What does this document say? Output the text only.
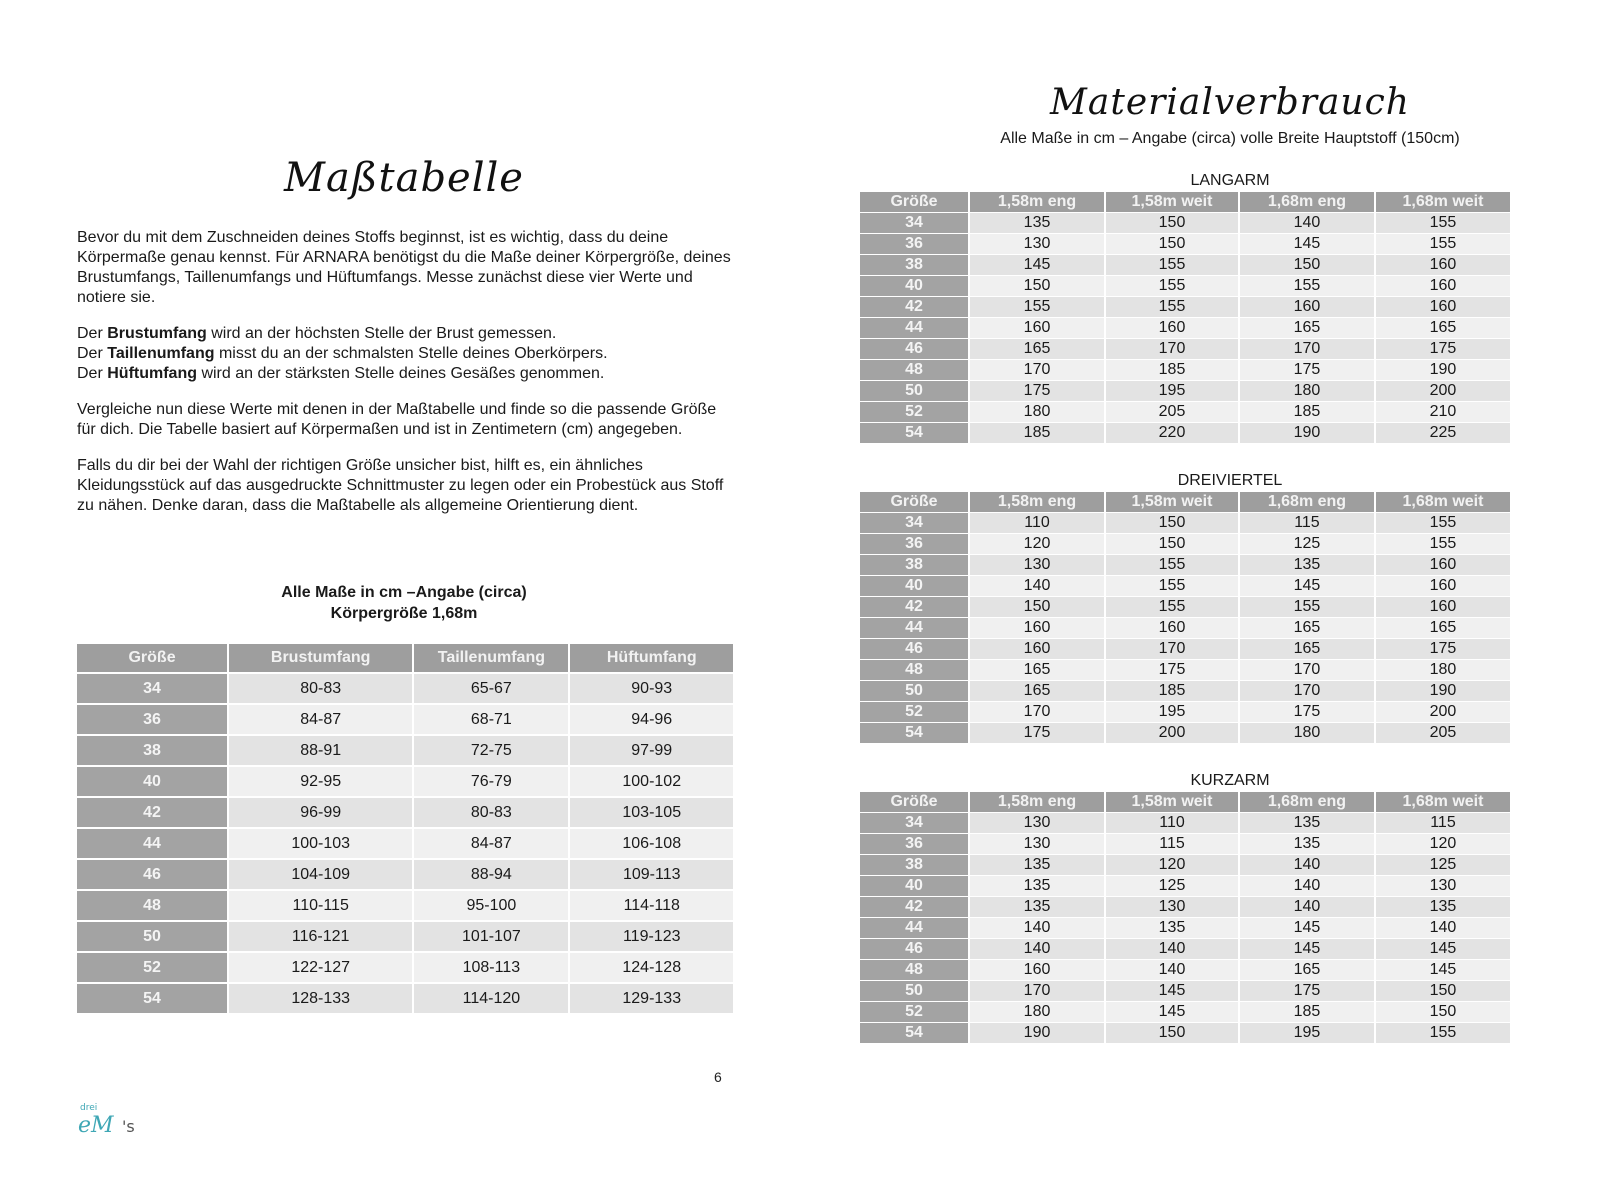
Maßtabelle

Bevor du mit dem Zuschneiden deines Stoffs beginnst, ist es wichtig, dass du deine Körpermaße genau kennst. Für ARNARA benötigst du die Maße deiner Körpergröße, deines Brustumfangs, Taillenumfangs und Hüftumfangs. Messe zunächst diese vier Werte und notiere sie.

Der Brustumfang wird an der höchsten Stelle der Brust gemessen.
Der Taillenumfang misst du an der schmalsten Stelle deines Oberkörpers.
Der Hüftumfang wird an der stärksten Stelle deines Gesäßes genommen.

Vergleiche nun diese Werte mit denen in der Maßtabelle und finde so die passende Größe für dich. Die Tabelle basiert auf Körpermaßen und ist in Zentimetern (cm) angegeben.

Falls du dir bei der Wahl der richtigen Größe unsicher bist, hilft es, ein ähnliches Kleidungsstück auf das ausgedruckte Schnittmuster zu legen oder ein Probestück aus Stoff zu nähen. Denke daran, dass die Maßtabelle als allgemeine Orientierung dient.

Alle Maße in cm –Angabe (circa)
Körpergröße 1,68m
Größe	Brustumfang	Taillenumfang	Hüftumfang
34	80-83	65-67	90-93
36	84-87	68-71	94-96
38	88-91	72-75	97-99
40	92-95	76-79	100-102
42	96-99	80-83	103-105
44	100-103	84-87	106-108
46	104-109	88-94	109-113
48	110-115	95-100	114-118
50	116-121	101-107	119-123
52	122-127	108-113	124-128
54	128-133	114-120	129-133
6
drei
eM 's
Materialverbrauch
Alle Maße in cm – Angabe (circa) volle Breite Hauptstoff (150cm)
LANGARM
Größe	1,58m eng	1,58m weit	1,68m eng	1,68m weit
34	135	150	140	155
36	130	150	145	155
38	145	155	150	160
40	150	155	155	160
42	155	155	160	160
44	160	160	165	165
46	165	170	170	175
48	170	185	175	190
50	175	195	180	200
52	180	205	185	210
54	185	220	190	225
DREIVIERTEL
Größe	1,58m eng	1,58m weit	1,68m eng	1,68m weit
34	110	150	115	155
36	120	150	125	155
38	130	155	135	160
40	140	155	145	160
42	150	155	155	160
44	160	160	165	165
46	160	170	165	175
48	165	175	170	180
50	165	185	170	190
52	170	195	175	200
54	175	200	180	205
KURZARM
Größe	1,58m eng	1,58m weit	1,68m eng	1,68m weit
34	130	110	135	115
36	130	115	135	120
38	135	120	140	125
40	135	125	140	130
42	135	130	140	135
44	140	135	145	140
46	140	140	145	145
48	160	140	165	145
50	170	145	175	150
52	180	145	185	150
54	190	150	195	155
